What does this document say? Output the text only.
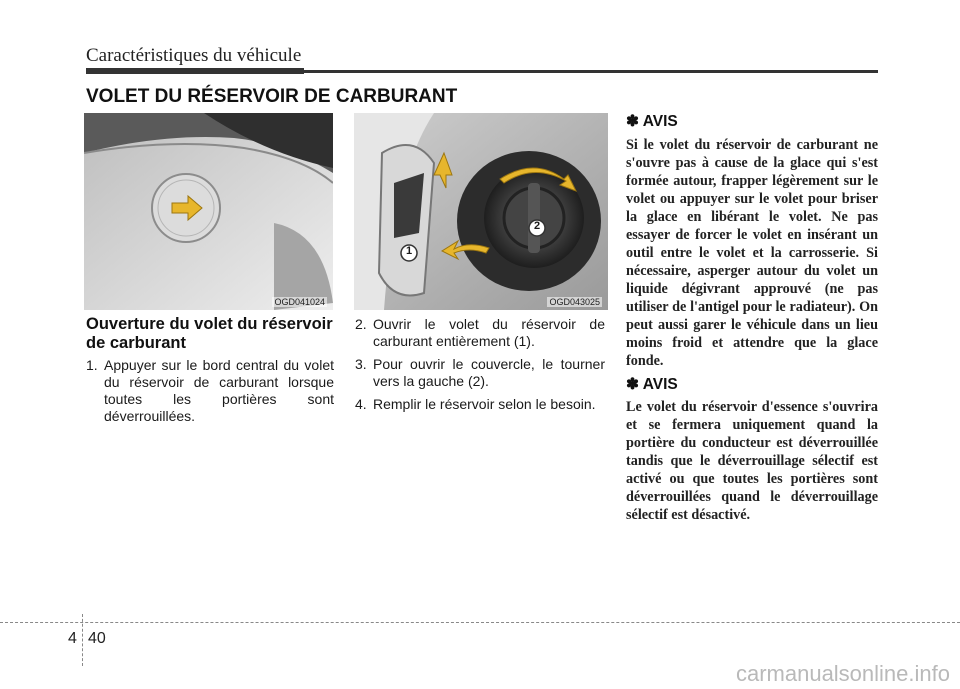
Caractéristiques du véhicule
VOLET DU RÉSERVOIR DE CARBURANT
OGD041024
2
1
OGD043025
Ouverture du volet du réservoir de carburant
1. Appuyer sur le bord central du volet du réservoir de carburant lorsque toutes les portières sont déverrouillées.
2. Ouvrir le volet du réservoir de carburant entièrement (1).
3. Pour ouvrir le couvercle, le tourner vers la gauche (2).
4. Remplir le réservoir selon le besoin.
✽ AVIS

Si le volet du réservoir de carburant ne s'ouvre pas à cause de la glace qui s'est formée autour, frapper légèrement sur le volet ou appuyer sur le volet pour briser la glace en libérant le volet. Ne pas essayer de forcer le volet en insérant un outil entre le volet et la carrosserie. Si nécessaire, asperger autour du volet un liquide dégivrant approuvé (ne pas utiliser de l'antigel pour le radiateur). On peut aussi garer le véhicule dans un lieu moins froid et attendre que la glace fonde.

✽ AVIS

Le volet du réservoir d'essence s'ouvrira et se fermera uniquement quand la portière du conducteur est déverrouillée tandis que le déverrouillage sélectif est activé ou que toutes les portières sont déverrouillées quand le déverrouillage sélectif est désactivé.

4 40
carmanualsonline.info
